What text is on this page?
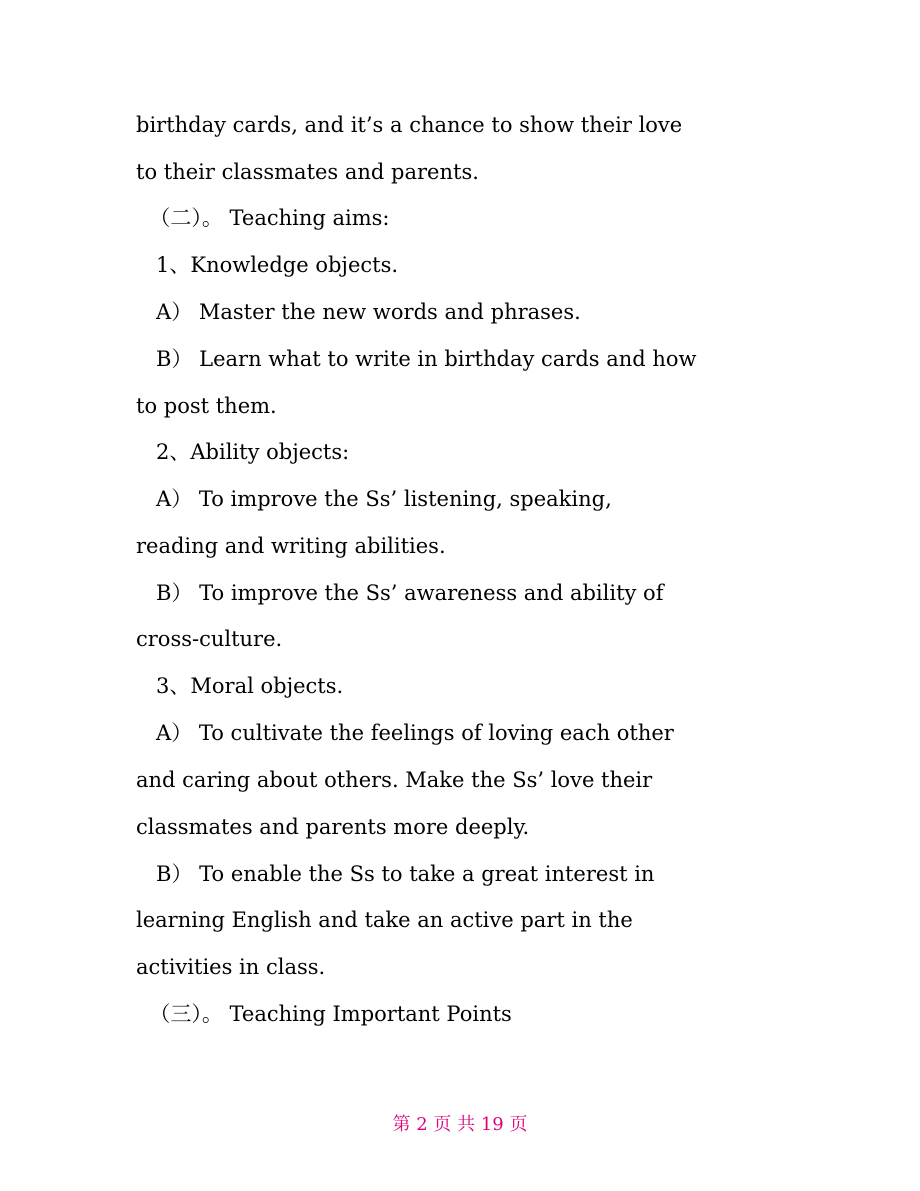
birthday cards, and it’s a chance to show their love
to their classmates and parents.
（二）。 Teaching aims:
1、Knowledge objects.
A） Master the new words and phrases.
B） Learn what to write in birthday cards and how
to post them.
2、Ability objects:
A） To improve the Ss’ listening, speaking,
reading and writing abilities.
B） To improve the Ss’ awareness and ability of
cross-culture.
3、Moral objects.
A） To cultivate the feelings of loving each other
and caring about others. Make the Ss’ love their
classmates and parents more deeply.
B） To enable the Ss to take a great interest in
learning English and take an active part in the
activities in class.
（三）。 Teaching Important Points
第 2 页 共 19 页
